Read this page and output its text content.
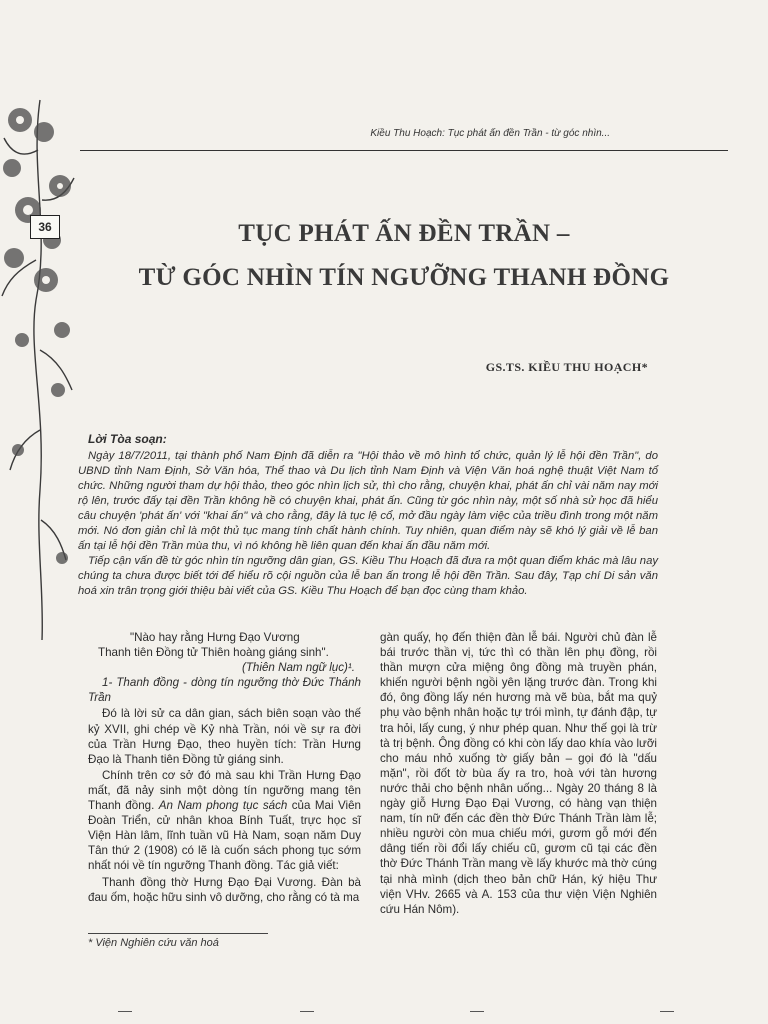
Kiều Thu Hoạch: Tục phát ấn đền Trần - từ góc nhìn...
36	TỤC PHÁT ẤN ĐỀN TRẦN –
TỪ GÓC NHÌN TÍN NGƯỠNG THANH ĐỒNG
GS.TS. KIỀU THU HOẠCH*
Lời Tòa soạn:

Ngày 18/7/2011, tại thành phố Nam Định đã diễn ra "Hội thảo về mô hình tổ chức, quản lý lễ hội đền Trần", do UBND tỉnh Nam Định, Sở Văn hóa, Thể thao và Du lịch tỉnh Nam Định và Viện Văn hoá nghệ thuật Việt Nam tổ chức. Những người tham dự hội thảo, theo góc nhìn lịch sử, thì cho rằng, chuyện khai, phát ấn chỉ vài năm nay mới rộ lên, trước đấy tại đền Trần không hề có chuyện khai, phát ấn. Cũng từ góc nhìn này, một số nhà sử học đã hiểu câu chuyện 'phát ấn' với "khai ấn" và cho rằng, đây là tục lệ cổ, mở đầu ngày làm việc của triều đình trong một năm mới. Nó đơn giản chỉ là một thủ tục mang tính chất hành chính. Tuy nhiên, quan điểm này sẽ khó lý giải về lễ ban ấn tại lễ hội đền Trần mùa thu, vì nó không hề liên quan đến khai ấn đầu năm mới.

Tiếp cận vấn đề từ góc nhìn tín ngưỡng dân gian, GS. Kiều Thu Hoạch đã đưa ra một quan điểm khác mà lâu nay chúng ta chưa được biết tới để hiểu rõ cội nguồn của lễ ban ấn trong lễ hội đền Trần. Sau đây, Tạp chí Di sản văn hoá xin trân trọng giới thiệu bài viết của GS. Kiều Thu Hoạch để bạn đọc cùng tham khảo.

"Nào hay rằng Hưng Đạo Vương
Thanh tiên Đồng tử Thiên hoàng giáng sinh".
(Thiên Nam ngữ lục)¹.

1- Thanh đồng - dòng tín ngưỡng thờ Đức Thánh Trần

Đó là lời sử ca dân gian, sách biên soạn vào thế kỷ XVII, ghi chép về Kỷ nhà Trần, nói về sự ra đời của Trần Hưng Đạo, theo huyền tích: Trần Hưng Đạo là Thanh tiên Đồng tử giáng sinh.

Chính trên cơ sở đó mà sau khi Trần Hưng Đạo mất, đã nảy sinh một dòng tín ngưỡng mang tên Thanh đồng. An Nam phong tục sách của Mai Viên Đoàn Triển, cử nhân khoa Bính Tuất, trực học sĩ Viện Hàn lâm, lĩnh tuần vũ Hà Nam, soạn năm Duy Tân thứ 2 (1908) có lẽ là cuốn sách phong tục sớm nhất nói về tín ngưỡng Thanh đồng. Tác giả viết:

Thanh đồng thờ Hưng Đạo Đại Vương. Đàn bà đau ốm, hoặc hữu sinh vô dưỡng, cho rằng có tà ma

gàn quấy, họ đến thiện đàn lễ bái. Người chủ đàn lễ bái trước thần vị, tức thì có thần lên phụ đồng, rồi thần mượn cửa miệng ông đồng mà truyền phán, khiến người bệnh ngồi yên lặng trước đàn. Trong khi đó, ông đồng lấy nén hương mà vẽ bùa, bắt ma quỷ phụ vào bệnh nhân hoặc tự trói mình, tự đánh đập, tự tra hỏi, lấy cung, ý như phép quan. Như thế gọi là trừ tà trị bệnh. Ông đồng có khi còn lấy dao khía vào lưỡi cho máu nhỏ xuống tờ giấy bản – gọi đó là "dấu mặn", rồi đốt tờ bùa ấy ra tro, hoà với tàn hương nước thải cho bệnh nhân uống... Ngày 20 tháng 8 là ngày giỗ Hưng Đạo Đại Vương, có hàng vạn thiện nam, tín nữ đến các đền thờ Đức Thánh Trần làm lễ; nhiều người còn mua chiếu mới, gươm gỗ mới đến dâng tiến rồi đổi lấy chiếu cũ, gươm cũ tại các đền thờ Đức Thánh Trần mang về lấy khước mà thờ cúng tại nhà mình (dịch theo bản chữ Hán, ký hiệu Thư viện VHv. 2665 và A. 153 của thư viện Viện Nghiên cứu Hán Nôm).

* Viện Nghiên cứu văn hoá
